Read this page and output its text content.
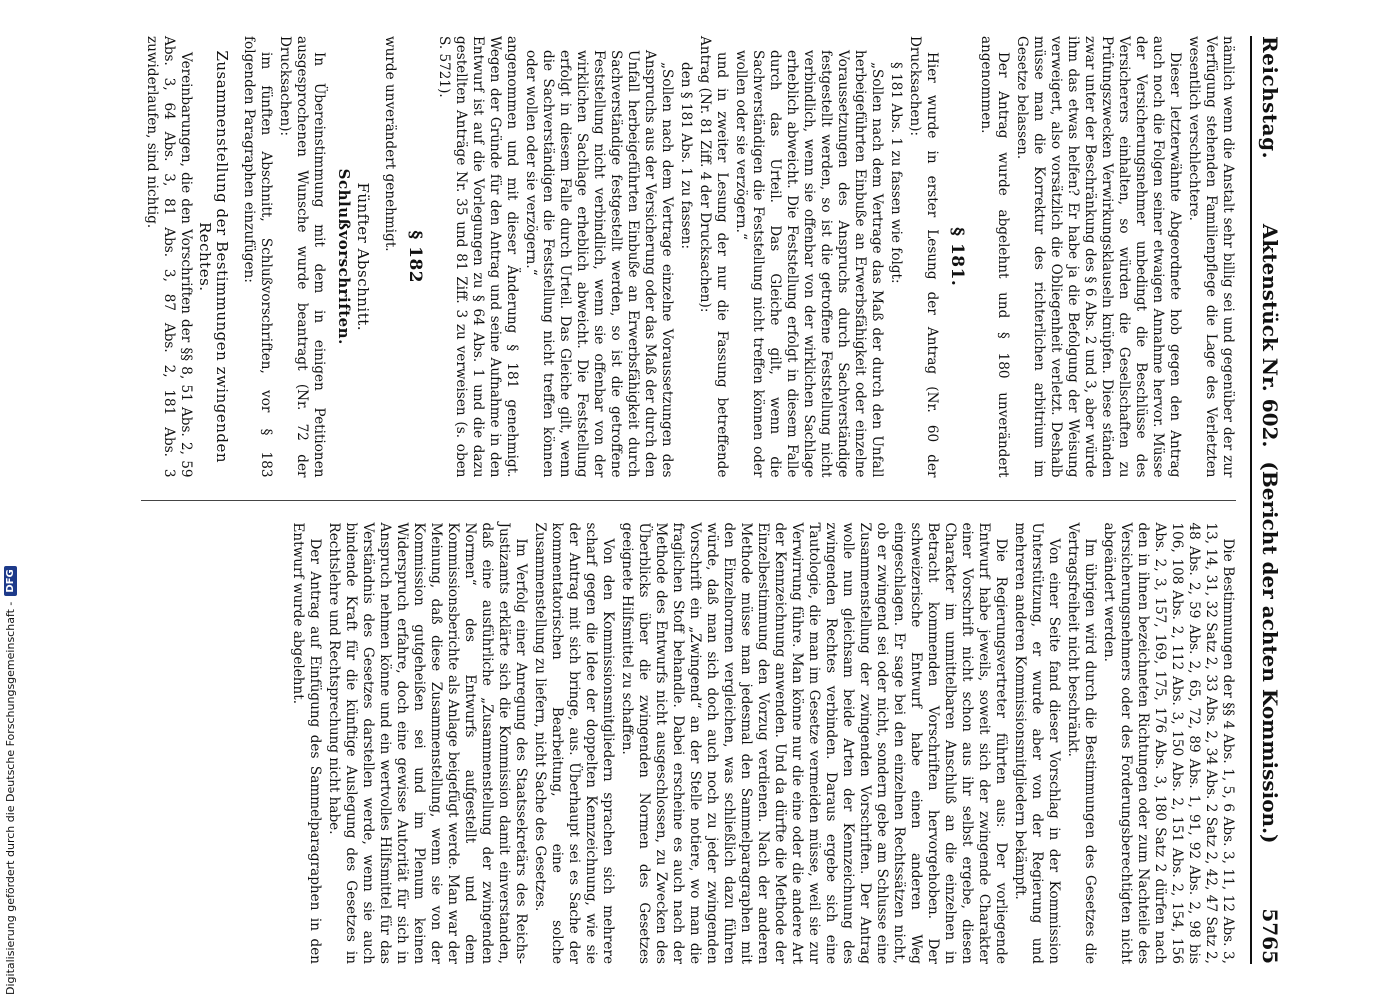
Digitalisierung gefördert durch die Deutsche Forschungsgemeinschaft -
DFG
Reichstag.
Aktenstück Nr. 602.  (Bericht der achten Kommission.)
5765

nämlich wenn die Anstalt sehr billig sei und gegenüber der zur Verfügung stehenden Familienpflege die Lage des Verletzten wesentlich verschlechtere.

Dieser letzterwähnte Abgeordnete hob gegen den Antrag auch noch die Folgen seiner etwaigen Annahme hervor. Müsse der Versicherungsnehmer unbedingt die Beschlüsse des Versicherers einhalten, so würden die Gesellschaften zu Prüfungszwecken Verwirkungsklauseln knüpfen. Diese ständen zwar unter der Beschränkung des § 6 Abs. 2 und 3, aber würde ihm das etwas helfen? Er habe ja die Befolgung der Weisung verweigert, also vorsätzlich die Obliegenheit verletzt. Deshalb müsse man die Korrektur des richterlichen arbitrium im Gesetze belassen.

Der Antrag wurde abgelehnt und § 180 unverändert angenommen.

§ 181.

Hier wurde in erster Lesung der Antrag (Nr. 60 der Drucksachen):

§ 181 Abs. 1 zu fassen wie folgt:

„Sollen nach dem Vertrage das Maß der durch den Unfall herbeigeführten Einbuße an Erwerbsfähigkeit oder einzelne Voraussetzungen des Anspruchs durch Sachverständige festgestellt werden, so ist die getroffene Feststellung nicht verbindlich, wenn sie offenbar von der wirklichen Sachlage erheblich abweicht. Die Feststellung erfolgt in diesem Falle durch das Urteil. Das Gleiche gilt, wenn die Sachverständigen die Feststellung nicht treffen können oder wollen oder sie verzögern.“

und in zweiter Lesung der nur die Fassung betreffende Antrag (Nr. 81 Ziff. 4 der Drucksachen):

den § 181 Abs. 1 zu fassen:

„Sollen nach dem Vertrage einzelne Voraussetzungen des Anspruchs aus der Versicherung oder das Maß der durch den Unfall herbeigeführten Einbuße an Erwerbsfähigkeit durch Sachverständige festgestellt werden, so ist die getroffene Feststellung nicht verbindlich, wenn sie offenbar von der wirklichen Sachlage erheblich abweicht. Die Feststellung erfolgt in diesem Falle durch Urteil. Das Gleiche gilt, wenn die Sachverständigen die Feststellung nicht treffen können oder wollen oder sie verzögern.“

angenommen und mit dieser Änderung § 181 genehmigt. Wegen der Gründe für den Antrag und seine Aufnahme in den Entwurf ist auf die Vorlegungen zu § 64 Abs. 1 und die dazu gestellten Anträge Nr. 35 und 81 Ziff. 3 zu verweisen (s. oben S. 5721).

§ 182

wurde unverändert genehmigt.

Fünfter Abschnitt.
Schlußvorschriften.

In Übereinstimmung mit dem in einigen Petitionen ausgesprochenen Wunsche wurde beantragt (Nr. 72 der Drucksachen):

im fünften Abschnitt, Schlußvorschriften, vor § 183 folgenden Paragraphen einzufügen:

Zusammenstellung der Bestimmungen zwingenden Rechtes.

Vereinbarungen, die den Vorschriften der §§ 8, 51 Abs. 2, 59 Abs. 3, 64 Abs. 3, 81 Abs. 3, 87 Abs. 2, 181 Abs. 3 zuwiderlaufen, sind nichtig.

Die Bestimmungen der §§ 4 Abs. 1, 5, 6 Abs. 3, 11, 12 Abs. 3, 13, 14, 31, 32 Satz 2, 33 Abs. 2, 34 Abs. 2 Satz 2, 42, 47 Satz 2, 48 Abs. 2, 59 Abs. 2, 65, 72, 89 Abs. 1, 91, 92 Abs. 2, 98 bis 106, 108 Abs. 2, 112 Abs. 3, 150 Abs. 2, 151 Abs. 2, 154, 156 Abs. 2, 3, 157, 169, 175, 176 Abs. 3, 180 Satz 2 dürfen nach den in ihnen bezeichneten Richtungen oder zum Nachteile des Versicherungsnehmers oder des Forderungsberechtigten nicht abgeändert werden.

Im übrigen wird durch die Bestimmungen des Gesetzes die Vertragsfreiheit nicht beschränkt.

Von einer Seite fand dieser Vorschlag in der Kommission Unterstützung, er wurde aber von der Regierung und mehreren anderen Kommissionsmitgliedern bekämpft.

Die Regierungsvertreter führten aus: Der vorliegende Entwurf habe jeweils, soweit sich der zwingende Charakter einer Vorschrift nicht schon aus ihr selbst ergebe, diesen Charakter im unmittelbaren Anschluß an die einzelnen in Betracht kommenden Vorschriften hervorgehoben. Der schweizerische Entwurf habe einen anderen Weg eingeschlagen. Er sage bei den einzelnen Rechtssätzen nicht, ob er zwingend sei oder nicht, sondern gebe am Schlusse eine Zusammenstellung der zwingenden Vorschriften. Der Antrag wolle nun gleichsam beide Arten der Kennzeichnung des zwingenden Rechtes verbinden. Daraus ergebe sich eine Tautologie, die man im Gesetze vermeiden müsse, weil sie zur Verwirrung führe. Man könne nur die eine oder die andere Art der Kennzeichnung anwenden. Und da dürfte die Methode der Einzelbestimmung den Vorzug verdienen. Nach der anderen Methode müsse man jedesmal den Sammelparagraphen mit den Einzelnormen vergleichen, was schließlich dazu führen würde, daß man sich doch auch noch zu jeder zwingenden Vorschrift ein „Zwingend“ an der Stelle notiere, wo man die fraglichen Stoff behandle. Dabei erscheine es auch nach der Methode des Entwurfs nicht ausgeschlossen, zu Zwecken des Überblicks über die zwingenden Normen des Gesetzes geeignete Hilfsmittel zu schaffen.

Von den Kommissionsmitgliedern sprachen sich mehrere scharf gegen die Idee der doppelten Kennzeichnung, wie sie der Antrag mit sich bringe, aus. Überhaupt sei es Sache der kommentatorischen Bearbeitung, eine solche Zusammenstellung zu liefern, nicht Sache des Gesetzes.

Im Verfolg einer Anregung des Staatssekretärs des Reichs-Justizamts erklärte sich die Kommission damit einverstanden, daß eine ausführliche „Zusammenstellung der zwingenden Normen“ des Entwurfs aufgestellt und dem Kommissionsberichte als Anlage beigefügt werde. Man war der Meinung, daß diese Zusammenstellung, wenn sie von der Kommission gutgeheißen sei und im Plenum keinen Widerspruch erfahre, doch eine gewisse Autorität für sich in Anspruch nehmen könne und ein wertvolles Hilfsmittel für das Verständnis des Gesetzes darstellen werde, wenn sie auch bindende Kraft für die künftige Auslegung des Gesetzes in Rechtslehre und Rechtsprechung nicht habe.

Der Antrag auf Einfügung des Sammelparagraphen in den Entwurf wurde abgelehnt.
